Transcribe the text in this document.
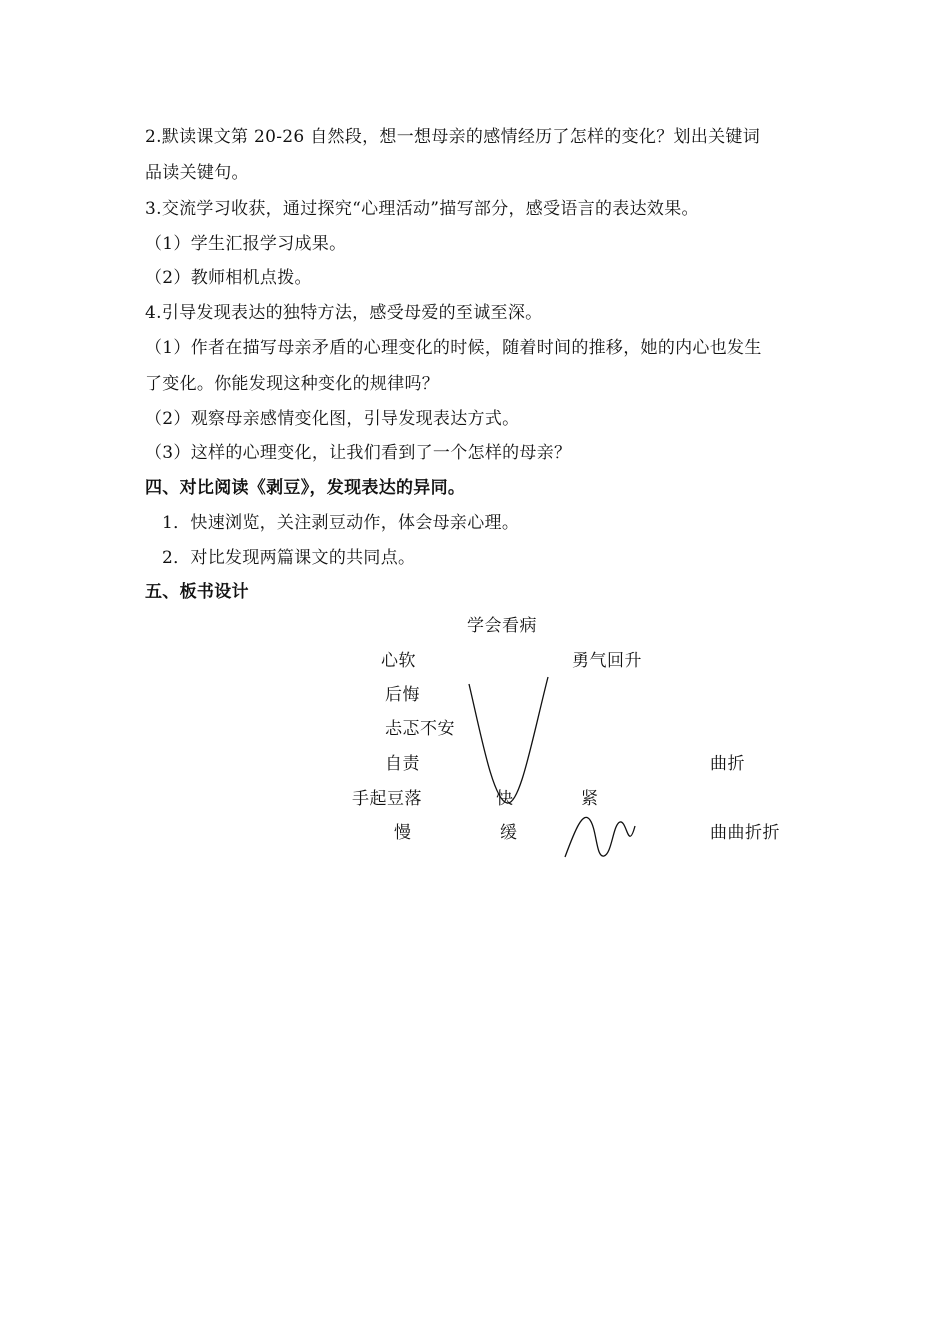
2.默读课文第 20-26 自然段，想一想母亲的感情经历了怎样的变化？划出关键词
品读关键句。
3.交流学习收获，通过探究“心理活动”描写部分，感受语言的表达效果。
（1）学生汇报学习成果。
（2）教师相机点拨。
4.引导发现表达的独特方法，感受母爱的至诚至深。
（1）作者在描写母亲矛盾的心理变化的时候，随着时间的推移，她的内心也发生
了变化。你能发现这种变化的规律吗？
（2）观察母亲感情变化图，引导发现表达方式。
（3）这样的心理变化，让我们看到了一个怎样的母亲？
四、对比阅读《剥豆》，发现表达的异同。
1．快速浏览，关注剥豆动作，体会母亲心理。
2．对比发现两篇课文的共同点。
五、板书设计
学会看病
心软	勇气回升
后悔
忐忑不安
自责	曲折
手起豆落	快	紧
慢	缓	曲曲折折
